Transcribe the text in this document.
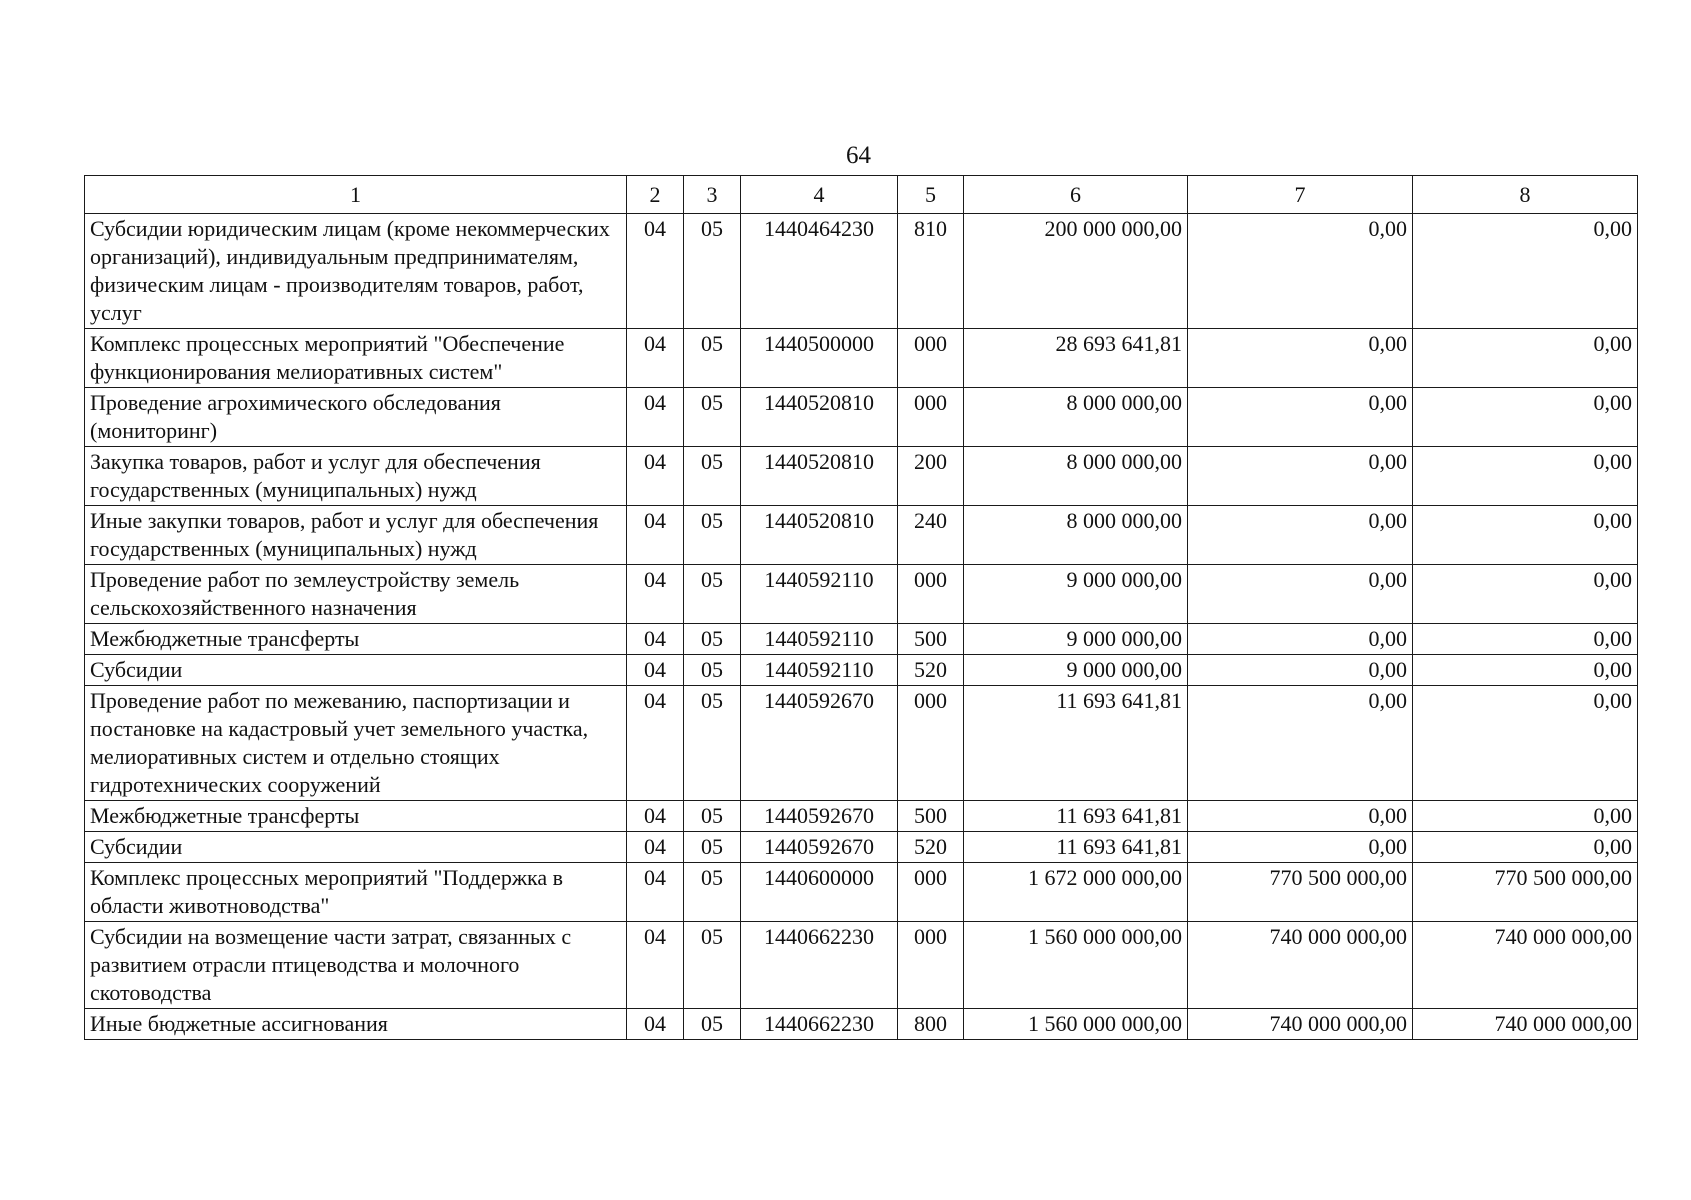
64
1	2	3	4	5	6	7	8
Субсидии юридическим лицам (кроме некоммерческих организаций), индивидуальным предпринимателям, физическим лицам - производителям товаров, работ, услуг	04	05	1440464230	810	200 000 000,00	0,00	0,00
Комплекс процессных мероприятий "Обеспечение функционирования мелиоративных систем"	04	05	1440500000	000	28 693 641,81	0,00	0,00
Проведение агрохимического обследования (мониторинг)	04	05	1440520810	000	8 000 000,00	0,00	0,00
Закупка товаров, работ и услуг для обеспечения государственных (муниципальных) нужд	04	05	1440520810	200	8 000 000,00	0,00	0,00
Иные закупки товаров, работ и услуг для обеспечения государственных (муниципальных) нужд	04	05	1440520810	240	8 000 000,00	0,00	0,00
Проведение работ по землеустройству земель сельскохозяйственного назначения	04	05	1440592110	000	9 000 000,00	0,00	0,00
Межбюджетные трансферты	04	05	1440592110	500	9 000 000,00	0,00	0,00
Субсидии	04	05	1440592110	520	9 000 000,00	0,00	0,00
Проведение работ по межеванию, паспортизации и постановке на кадастровый учет земельного участка, мелиоративных систем и отдельно стоящих гидротехнических сооружений	04	05	1440592670	000	11 693 641,81	0,00	0,00
Межбюджетные трансферты	04	05	1440592670	500	11 693 641,81	0,00	0,00
Субсидии	04	05	1440592670	520	11 693 641,81	0,00	0,00
Комплекс процессных мероприятий "Поддержка в области животноводства"	04	05	1440600000	000	1 672 000 000,00	770 500 000,00	770 500 000,00
Субсидии на возмещение части затрат, связанных с развитием отрасли птицеводства и молочного скотоводства	04	05	1440662230	000	1 560 000 000,00	740 000 000,00	740 000 000,00
Иные бюджетные ассигнования	04	05	1440662230	800	1 560 000 000,00	740 000 000,00	740 000 000,00
